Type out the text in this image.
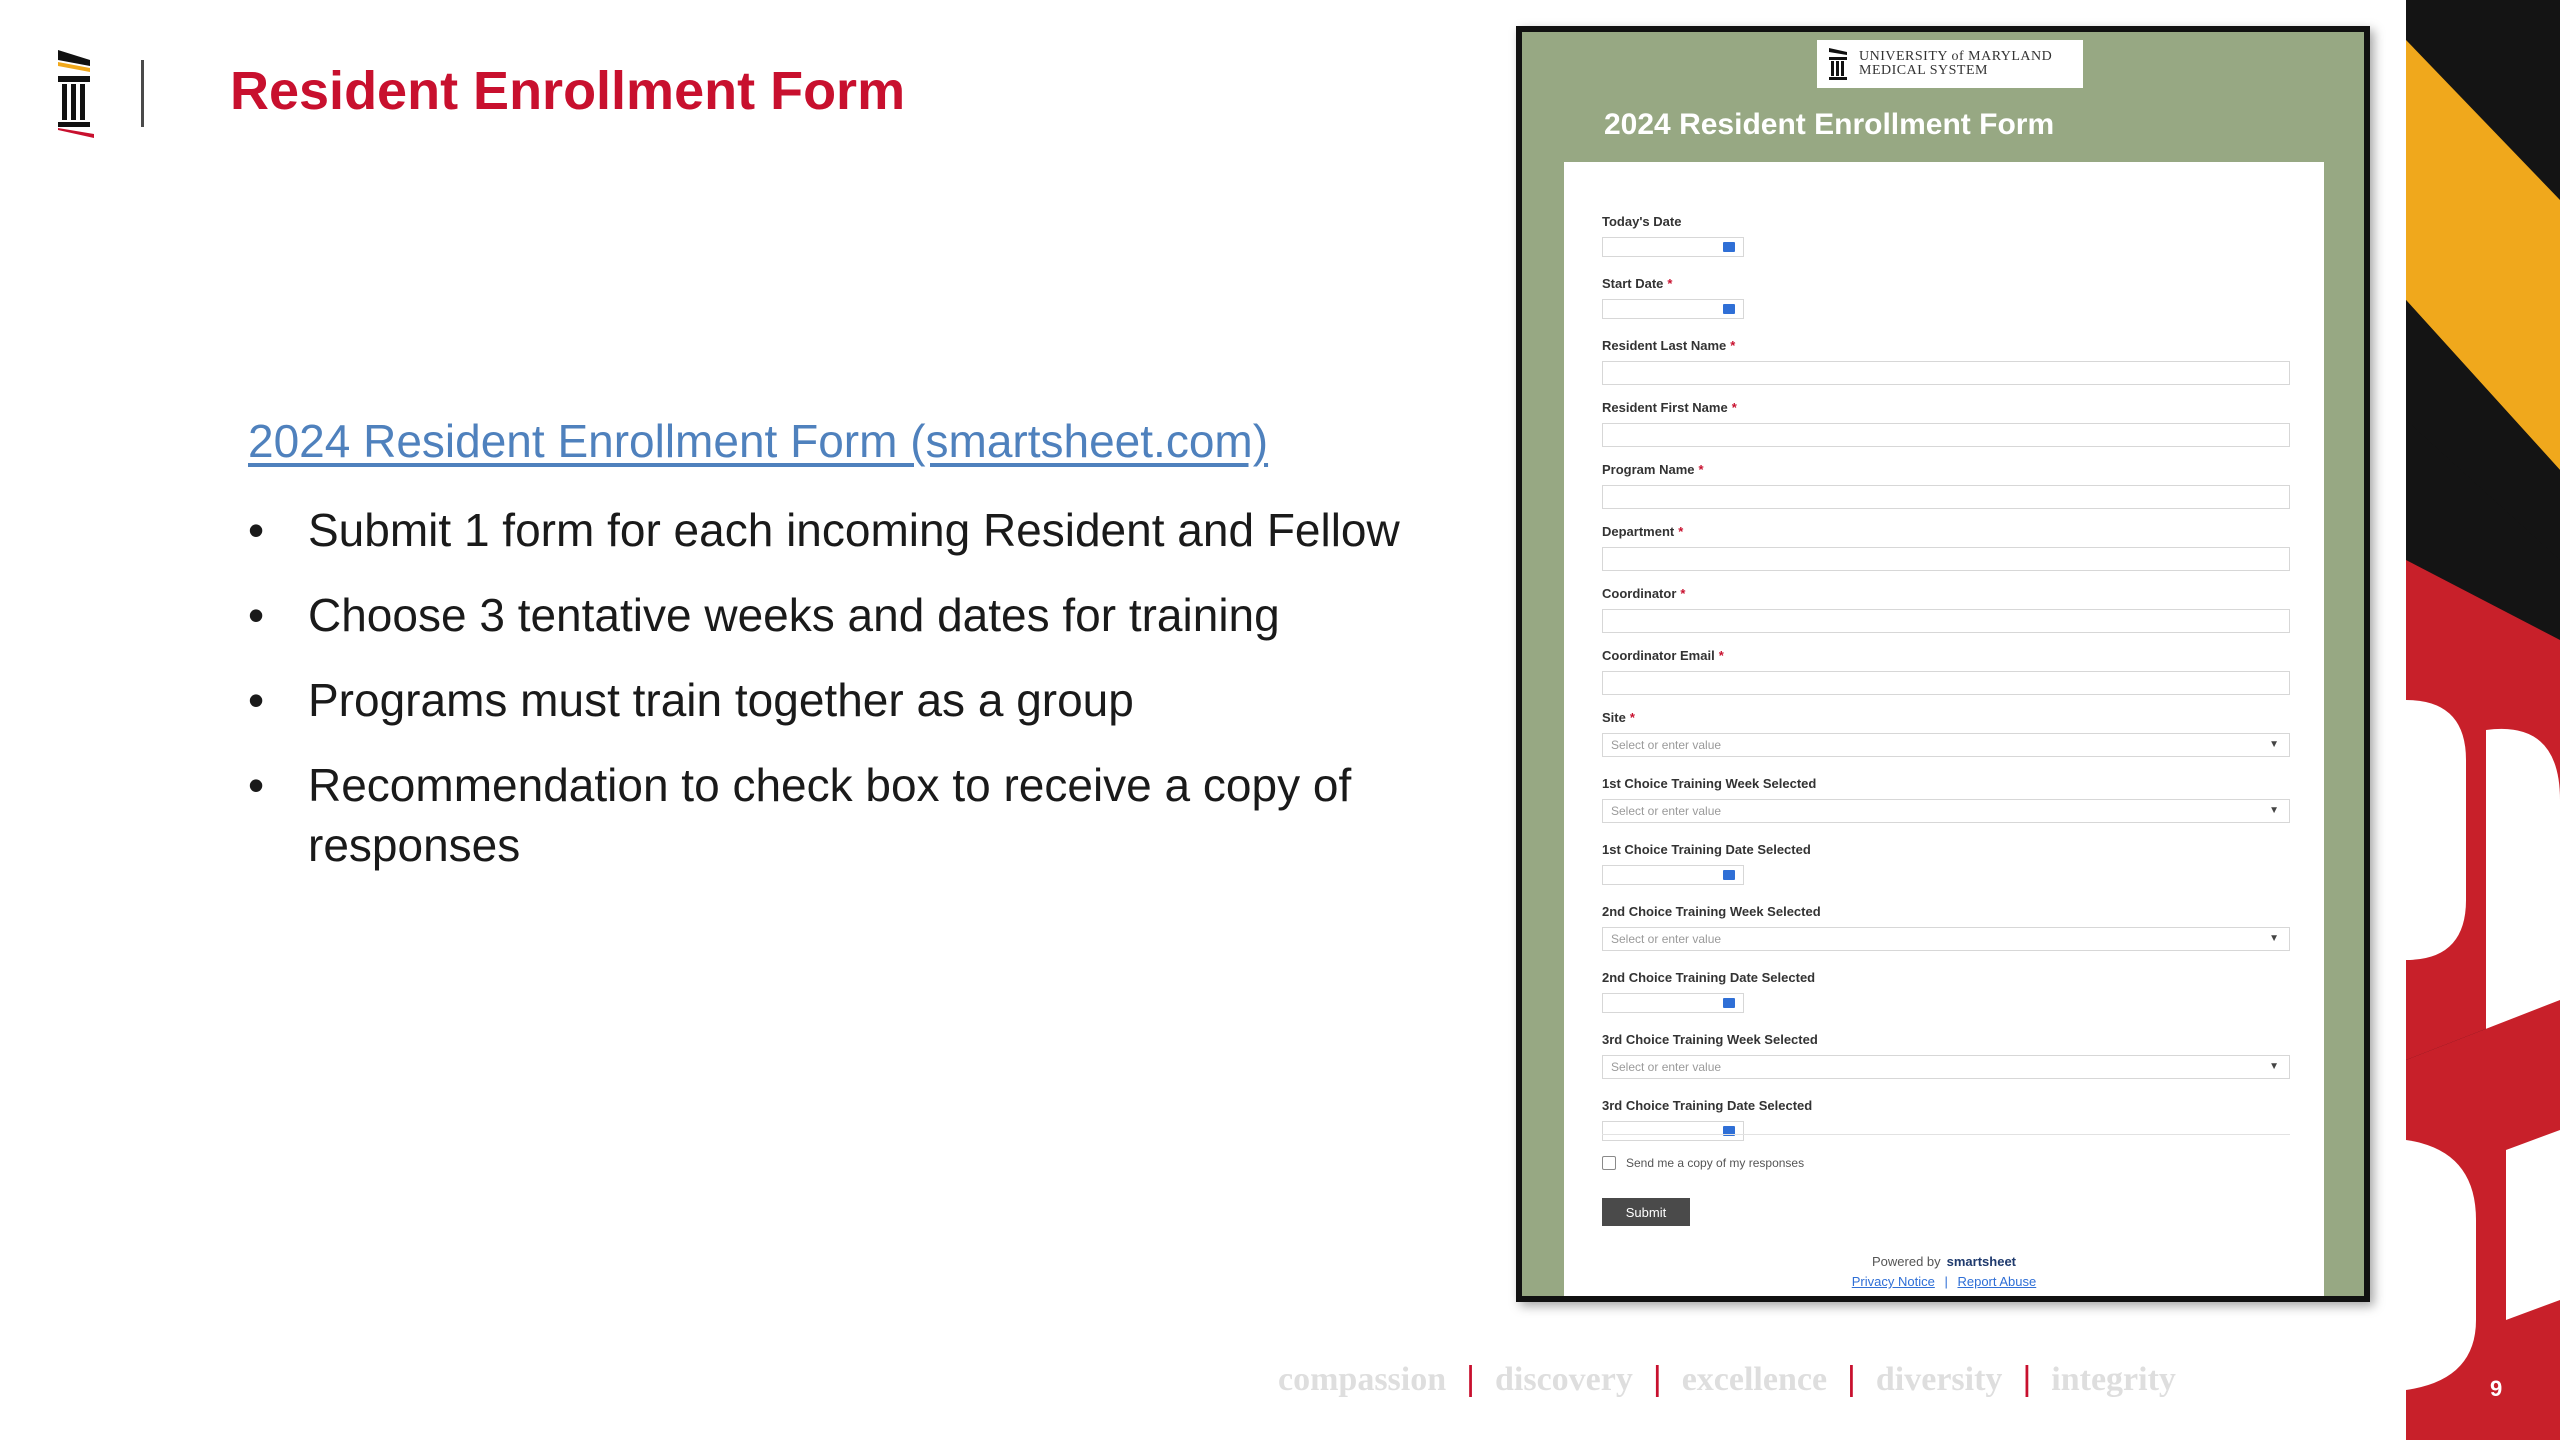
Resident Enrollment Form
2024 Resident Enrollment Form (smartsheet.com)
• Submit 1 form for each incoming Resident and Fellow
• Choose 3 tentative weeks and dates for training
• Programs must train together as a group
• Recommendation to check box to receive a copy of responses
UNIVERSITY of MARYLAND
MEDICAL SYSTEM
2024 Resident Enrollment Form
Today's Date
Start Date *
Resident Last Name *
Resident First Name *
Program Name *
Department *
Coordinator *
Coordinator Email *
Site *
Select or enter value	▼
1st Choice Training Week Selected
Select or enter value	▼
1st Choice Training Date Selected
2nd Choice Training Week Selected
Select or enter value	▼
2nd Choice Training Date Selected
3rd Choice Training Week Selected
Select or enter value	▼
3rd Choice Training Date Selected
Send me a copy of my responses
Submit
Powered by smartsheet
Privacy Notice | Report Abuse
compassion | discovery | excellence | diversity | integrity	9
